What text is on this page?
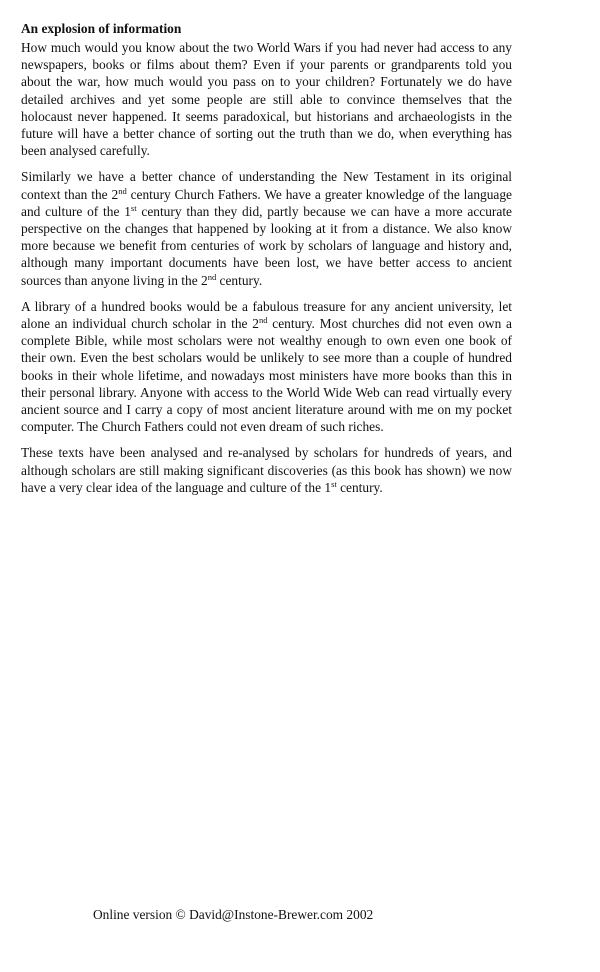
An explosion of information

How much would you know about the two World Wars if you had never had access to any newspapers, books or films about them? Even if your parents or grandparents told you about the war, how much would you pass on to your children? Fortunately we do have detailed archives and yet some people are still able to convince themselves that the holocaust never happened. It seems paradoxical, but historians and archaeologists in the future will have a better chance of sorting out the truth than we do, when everything has been analysed carefully.

Similarly we have a better chance of understanding the New Testament in its original context than the 2nd century Church Fathers. We have a greater knowledge of the language and culture of the 1st century than they did, partly because we can have a more accurate perspective on the changes that happened by looking at it from a distance. We also know more because we benefit from centuries of work by scholars of language and history and, although many important documents have been lost, we have better access to ancient sources than anyone living in the 2nd century.

A library of a hundred books would be a fabulous treasure for any ancient university, let alone an individual church scholar in the 2nd century. Most churches did not even own a complete Bible, while most scholars were not wealthy enough to own even one book of their own. Even the best scholars would be unlikely to see more than a couple of hundred books in their whole lifetime, and nowadays most ministers have more books than this in their personal library. Anyone with access to the World Wide Web can read virtually every ancient source and I carry a copy of most ancient literature around with me on my pocket computer. The Church Fathers could not even dream of such riches.

These texts have been analysed and re-analysed by scholars for hundreds of years, and although scholars are still making significant discoveries (as this book has shown) we now have a very clear idea of the language and culture of the 1st century.

Online version © David@Instone-Brewer.com 2002
